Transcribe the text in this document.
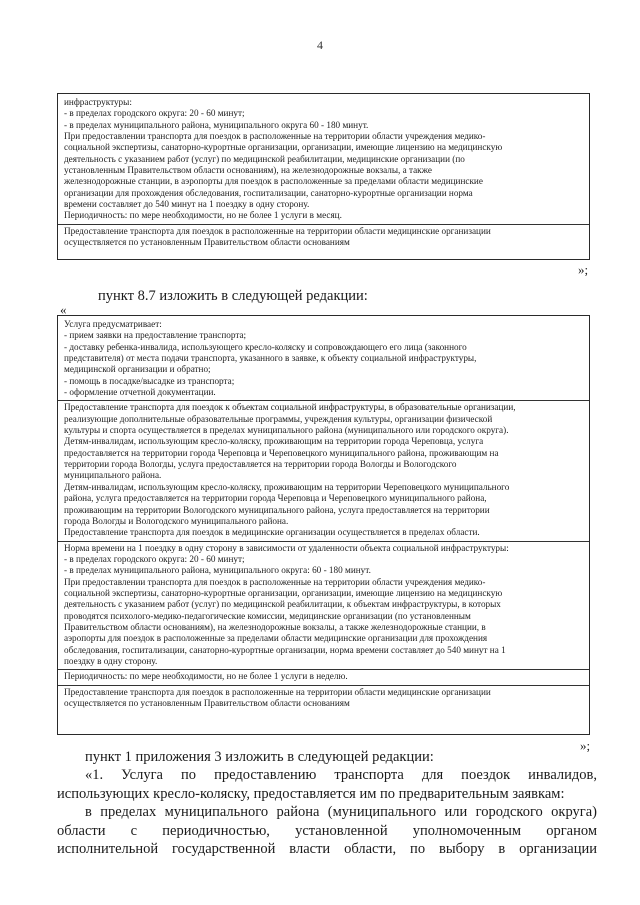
4
инфраструктуры:
- в пределах городского округа: 20 - 60 минут;
- в пределах муниципального района, муниципального округа 60 - 180 минут.
При предоставлении транспорта для поездок в расположенные на территории области учреждения медико-
социальной экспертизы, санаторно-курортные организации, организации, имеющие лицензию на медицинскую
деятельность с указанием работ (услуг) по медицинской реабилитации, медицинские организации (по
установленным Правительством области основаниям), на железнодорожные вокзалы, а также
железнодорожные станции, в аэропорты для поездок в расположенные за пределами области медицинские
организации для прохождения обследования, госпитализации, санаторно-курортные организации норма
времени составляет до 540 минут на 1 поездку в одну сторону.
Периодичность: по мере необходимости, но не более 1 услуги в месяц.
Предоставление транспорта для поездок в расположенные на территории области медицинские организации
осуществляется по установленным Правительством области основаниям
»;
пункт 8.7 изложить в следующей редакции:
«
Услуга предусматривает:
- прием заявки на предоставление транспорта;
- доставку ребенка-инвалида, использующего кресло-коляску и сопровождающего его лица (законного
представителя) от места подачи транспорта, указанного в заявке, к объекту социальной инфраструктуры,
медицинской организации и обратно;
- помощь в посадке/высадке из транспорта;
- оформление отчетной документации.
Предоставление транспорта для поездок к объектам социальной инфраструктуры, в образовательные организации,
реализующие дополнительные образовательные программы, учреждения культуры, организации физической
культуры и спорта осуществляется в пределах муниципального района (муниципального или городского округа).
Детям-инвалидам, использующим кресло-коляску, проживающим на территории города Череповца, услуга
предоставляется на территории города Череповца и Череповецкого муниципального района, проживающим на
территории города Вологды, услуга предоставляется на территории города Вологды и Вологодского
муниципального района.
Детям-инвалидам, использующим кресло-коляску, проживающим на территории Череповецкого муниципального
района, услуга предоставляется на территории города Череповца и Череповецкого муниципального района,
проживающим на территории Вологодского муниципального района, услуга предоставляется на территории
города Вологды и Вологодского муниципального района.
Предоставление транспорта для поездок в медицинские организации осуществляется в пределах области.
Норма времени на 1 поездку в одну сторону в зависимости от удаленности объекта социальной инфраструктуры:
- в пределах городского округа: 20 - 60 минут;
- в пределах муниципального района, муниципального округа: 60 - 180 минут.
При предоставлении транспорта для поездок в расположенные на территории области учреждения медико-
социальной экспертизы, санаторно-курортные организации, организации, имеющие лицензию на медицинскую
деятельность с указанием работ (услуг) по медицинской реабилитации, к объектам инфраструктуры, в которых
проводятся психолого-медико-педагогические комиссии, медицинские организации (по установленным
Правительством области основаниям), на железнодорожные вокзалы, а также железнодорожные станции, в
аэропорты для поездок в расположенные за пределами области медицинские организации для прохождения
обследования, госпитализации, санаторно-курортные организации, норма времени составляет до 540 минут на 1
поездку в одну сторону.
Периодичность: по мере необходимости, но не более 1 услуги в неделю.
Предоставление транспорта для поездок в расположенные на территории области медицинские организации
осуществляется по установленным Правительством области основаниям
»;
пункт 1 приложения 3 изложить в следующей редакции:
«1. Услуга по предоставлению транспорта для поездок инвалидов,
использующих кресло-коляску, предоставляется им по предварительным заявкам:
в пределах муниципального района (муниципального или городского округа)
области с периодичностью, установленной уполномоченным органом
исполнительной государственной власти области, по выбору в организации
